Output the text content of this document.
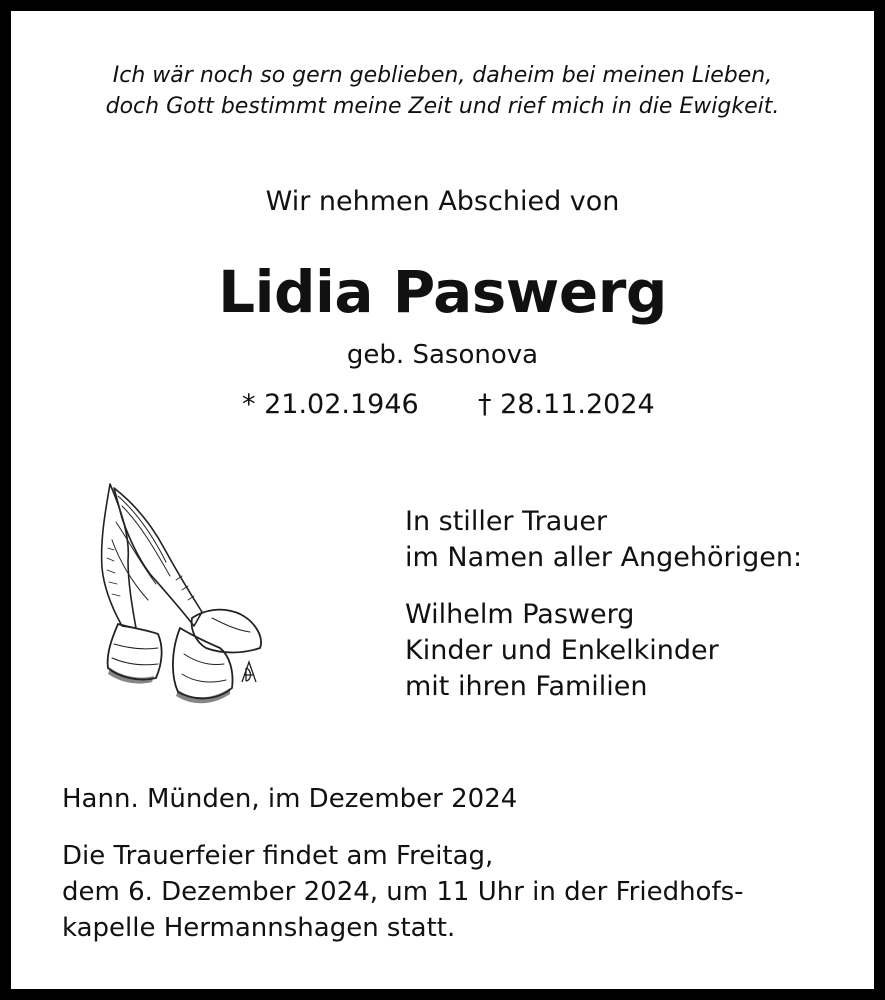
Ich wär noch so gern geblieben, daheim bei meinen Lieben,
doch Gott bestimmt meine Zeit und rief mich in die Ewigkeit.
Wir nehmen Abschied von
Lidia Paswerg
geb. Sasonova
* 21.02.1946 † 28.11.2024
In stiller Trauer
im Namen aller Angehörigen:
Wilhelm Paswerg
Kinder und Enkelkinder
mit ihren Familien
Hann. Münden, im Dezember 2024
Die Trauerfeier findet am Freitag,
dem 6. Dezember 2024, um 11 Uhr in der Friedhofs-
kapelle Hermannshagen statt.
